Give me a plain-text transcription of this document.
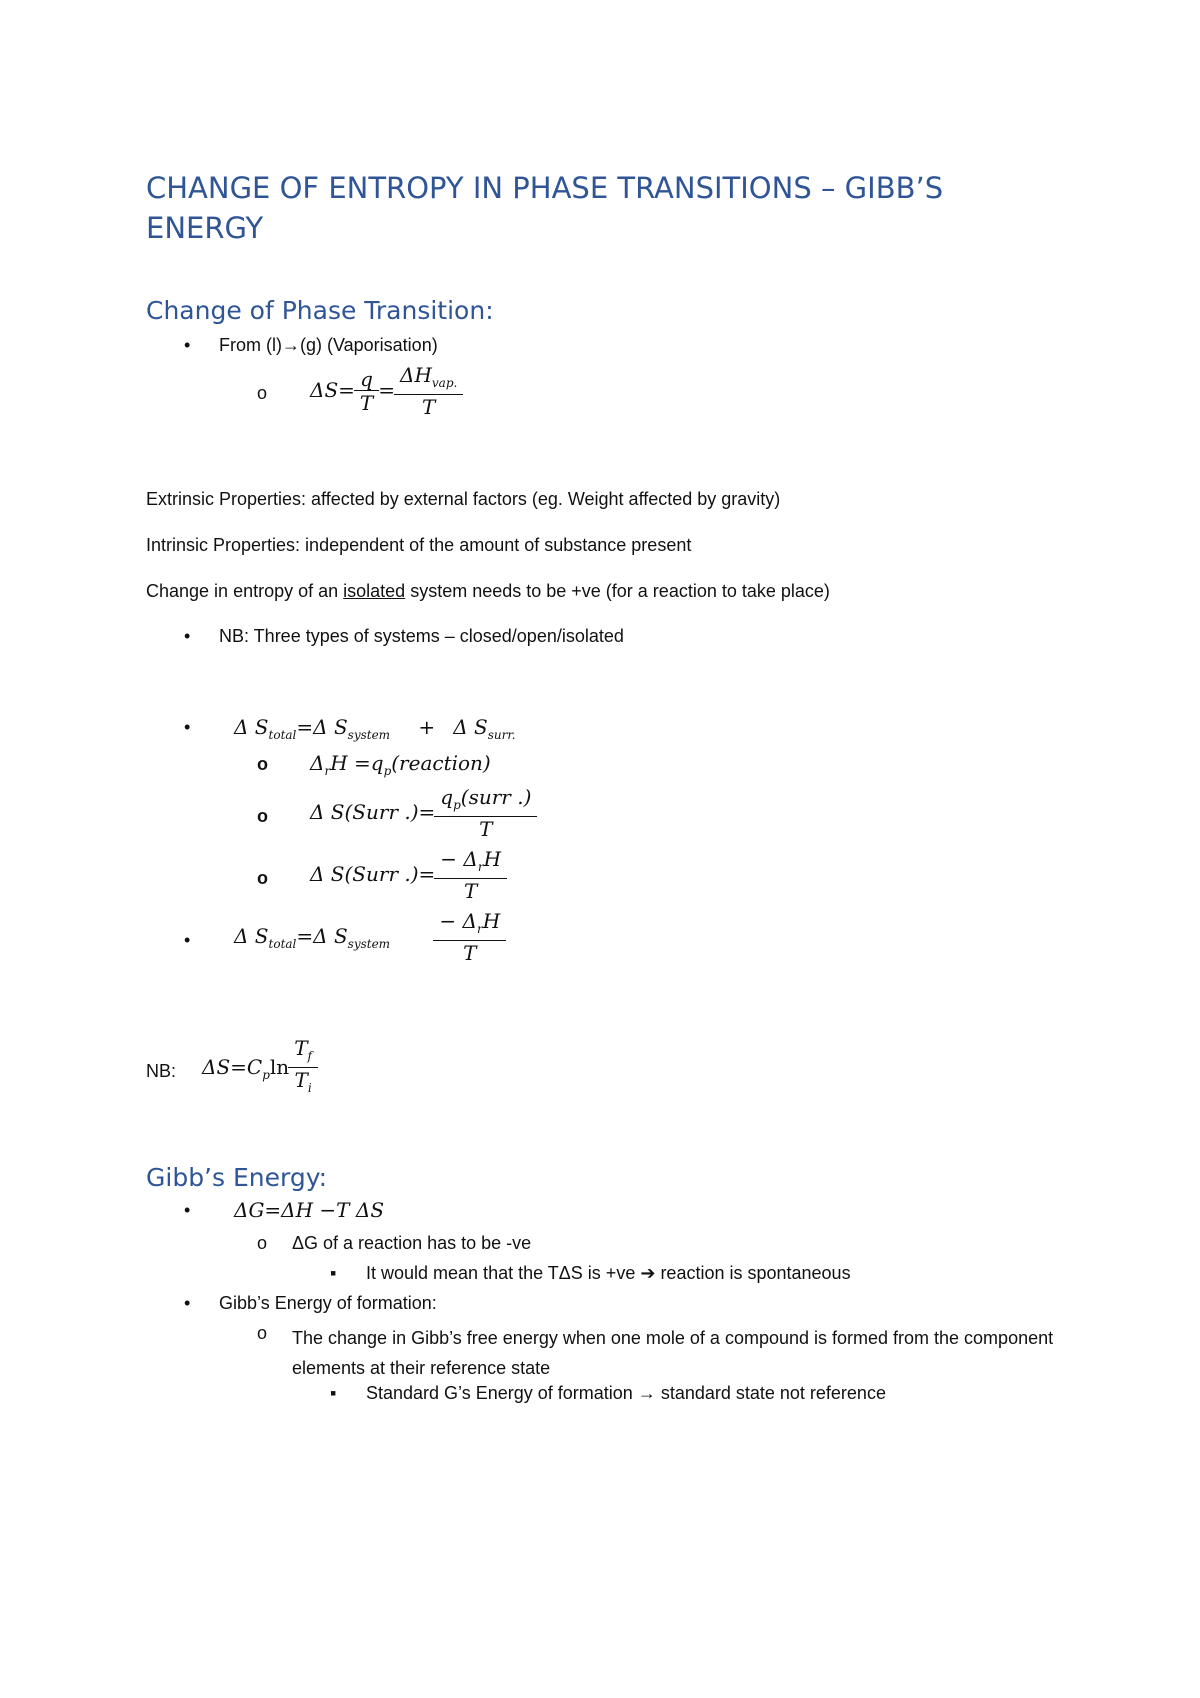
CHANGE OF ENTROPY IN PHASE TRANSITIONS – GIBB’S ENERGY
Change of Phase Transition:
• From (l)→(g) (Vaporisation)
o $\Delta S= \frac{q}{T} = \frac{\Delta H_{vap.}}{T}$
Extrinsic Properties: affected by external factors (eg. Weight affected by gravity)
Intrinsic Properties: independent of the amount of substance present
Change in entropy of an isolated system needs to be +ve (for a reaction to take place)
• NB: Three types of systems – closed/open/isolated
• Δ $S_{total}=\Delta$ $S_{system} + \Delta$ $S_{surr.}$
o $\Delta_rH$ $=q_p(reaction)$
o Δ S(Surr .)= $\frac{q_p(surr .)}{T}$
o Δ S(Surr .)= $\frac{- \Delta_rH}{T}$
• Δ $S_{total}=\Delta$ $S_{system} \frac{- \Delta_rH}{T}$
NB: $\Delta S=C_p\ln \frac{T_f}{T_i}$
Gibb’s Energy:
• ΔG=ΔH −T ΔS
o ΔG of a reaction has to be -ve
▪ It would mean that the TΔS is +ve ➔ reaction is spontaneous
• Gibb’s Energy of formation:
o The change in Gibb’s free energy when one mole of a compound is formed from the component elements at their reference state
▪ Standard G’s Energy of formation → standard state not reference
